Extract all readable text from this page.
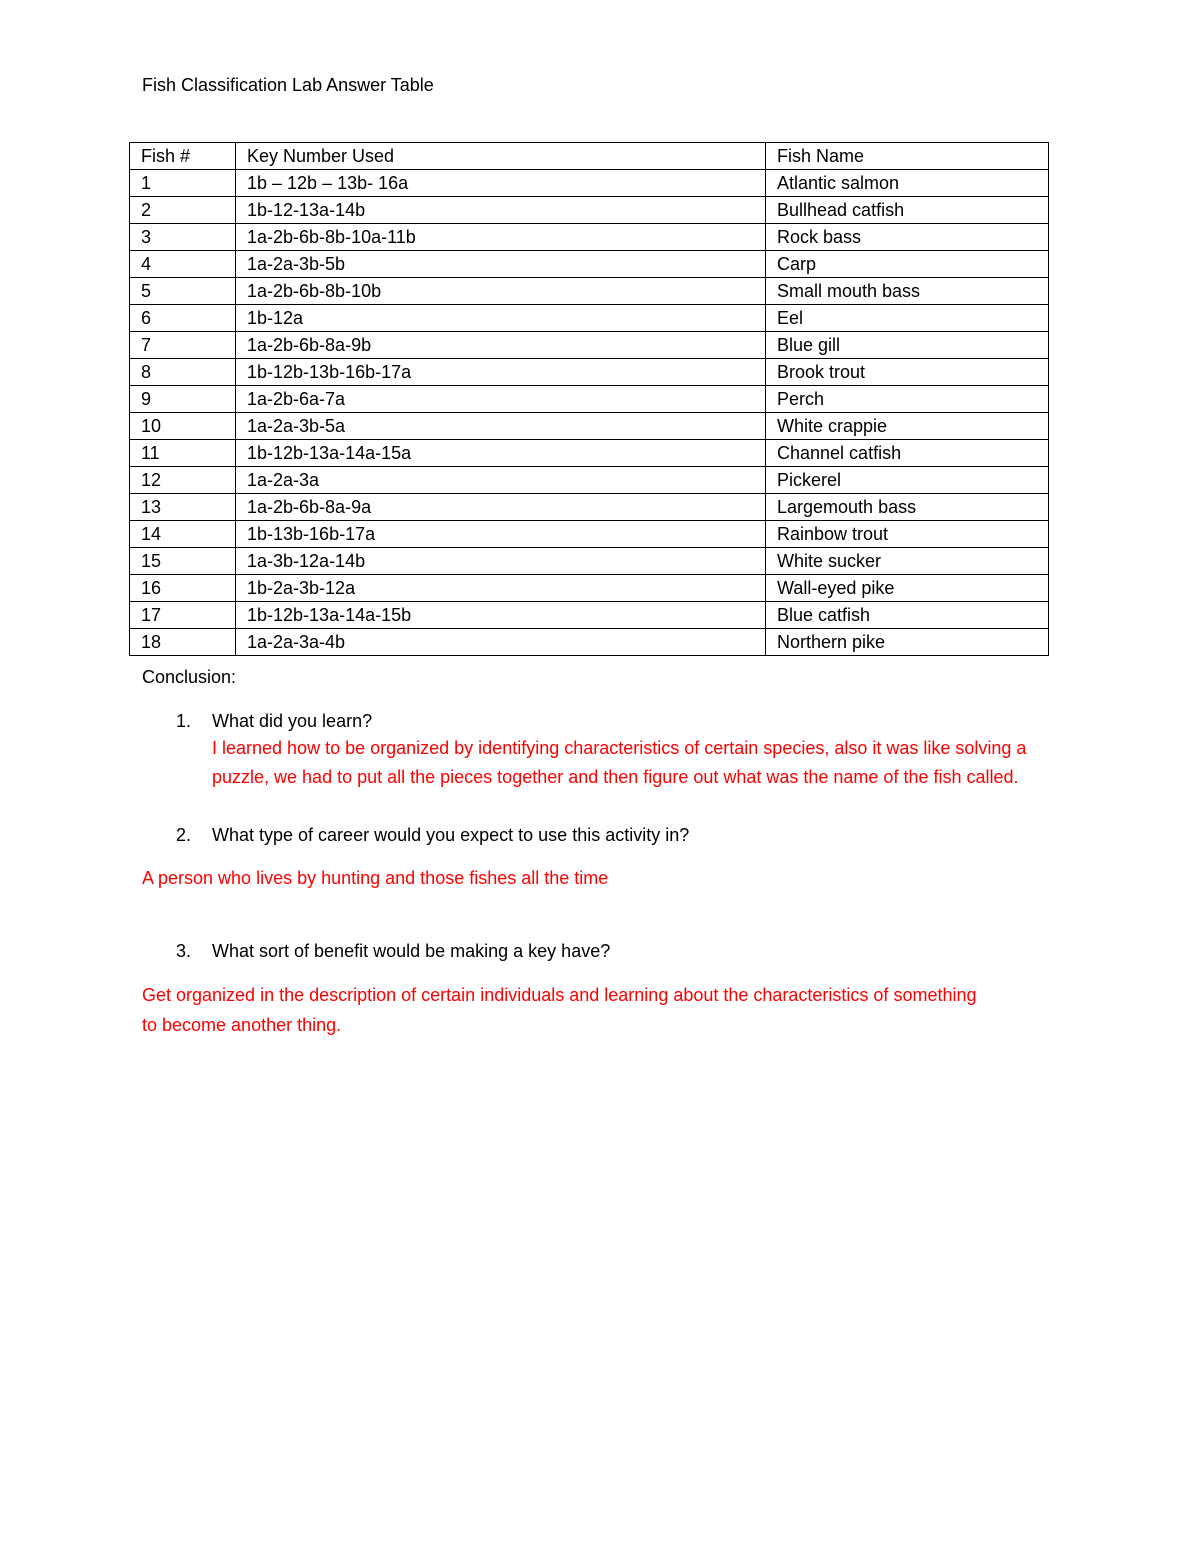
Fish Classification Lab Answer Table
Fish #	Key Number Used	Fish Name
1	1b – 12b – 13b- 16a	Atlantic salmon
2	1b-12-13a-14b	Bullhead catfish
3	1a-2b-6b-8b-10a-11b	Rock bass
4	1a-2a-3b-5b	Carp
5	1a-2b-6b-8b-10b	Small mouth bass
6	1b-12a	Eel
7	1a-2b-6b-8a-9b	Blue gill
8	1b-12b-13b-16b-17a	Brook trout
9	1a-2b-6a-7a	Perch
10	1a-2a-3b-5a	White crappie
11	1b-12b-13a-14a-15a	Channel catfish
12	1a-2a-3a	Pickerel
13	1a-2b-6b-8a-9a	Largemouth bass
14	1b-13b-16b-17a	Rainbow trout
15	1a-3b-12a-14b	White sucker
16	1b-2a-3b-12a	Wall-eyed pike
17	1b-12b-13a-14a-15b	Blue catfish
18	1a-2a-3a-4b	Northern pike
Conclusion:
1. What did you learn?
I learned how to be organized by identifying characteristics of certain species, also it was like solving a puzzle, we had to put all the pieces together and then figure out what was the name of the fish called.
2. What type of career would you expect to use this activity in?
A person who lives by hunting and those fishes all the time
3. What sort of benefit would be making a key have?
Get organized in the description of certain individuals and learning about the characteristics of something to become another thing.
